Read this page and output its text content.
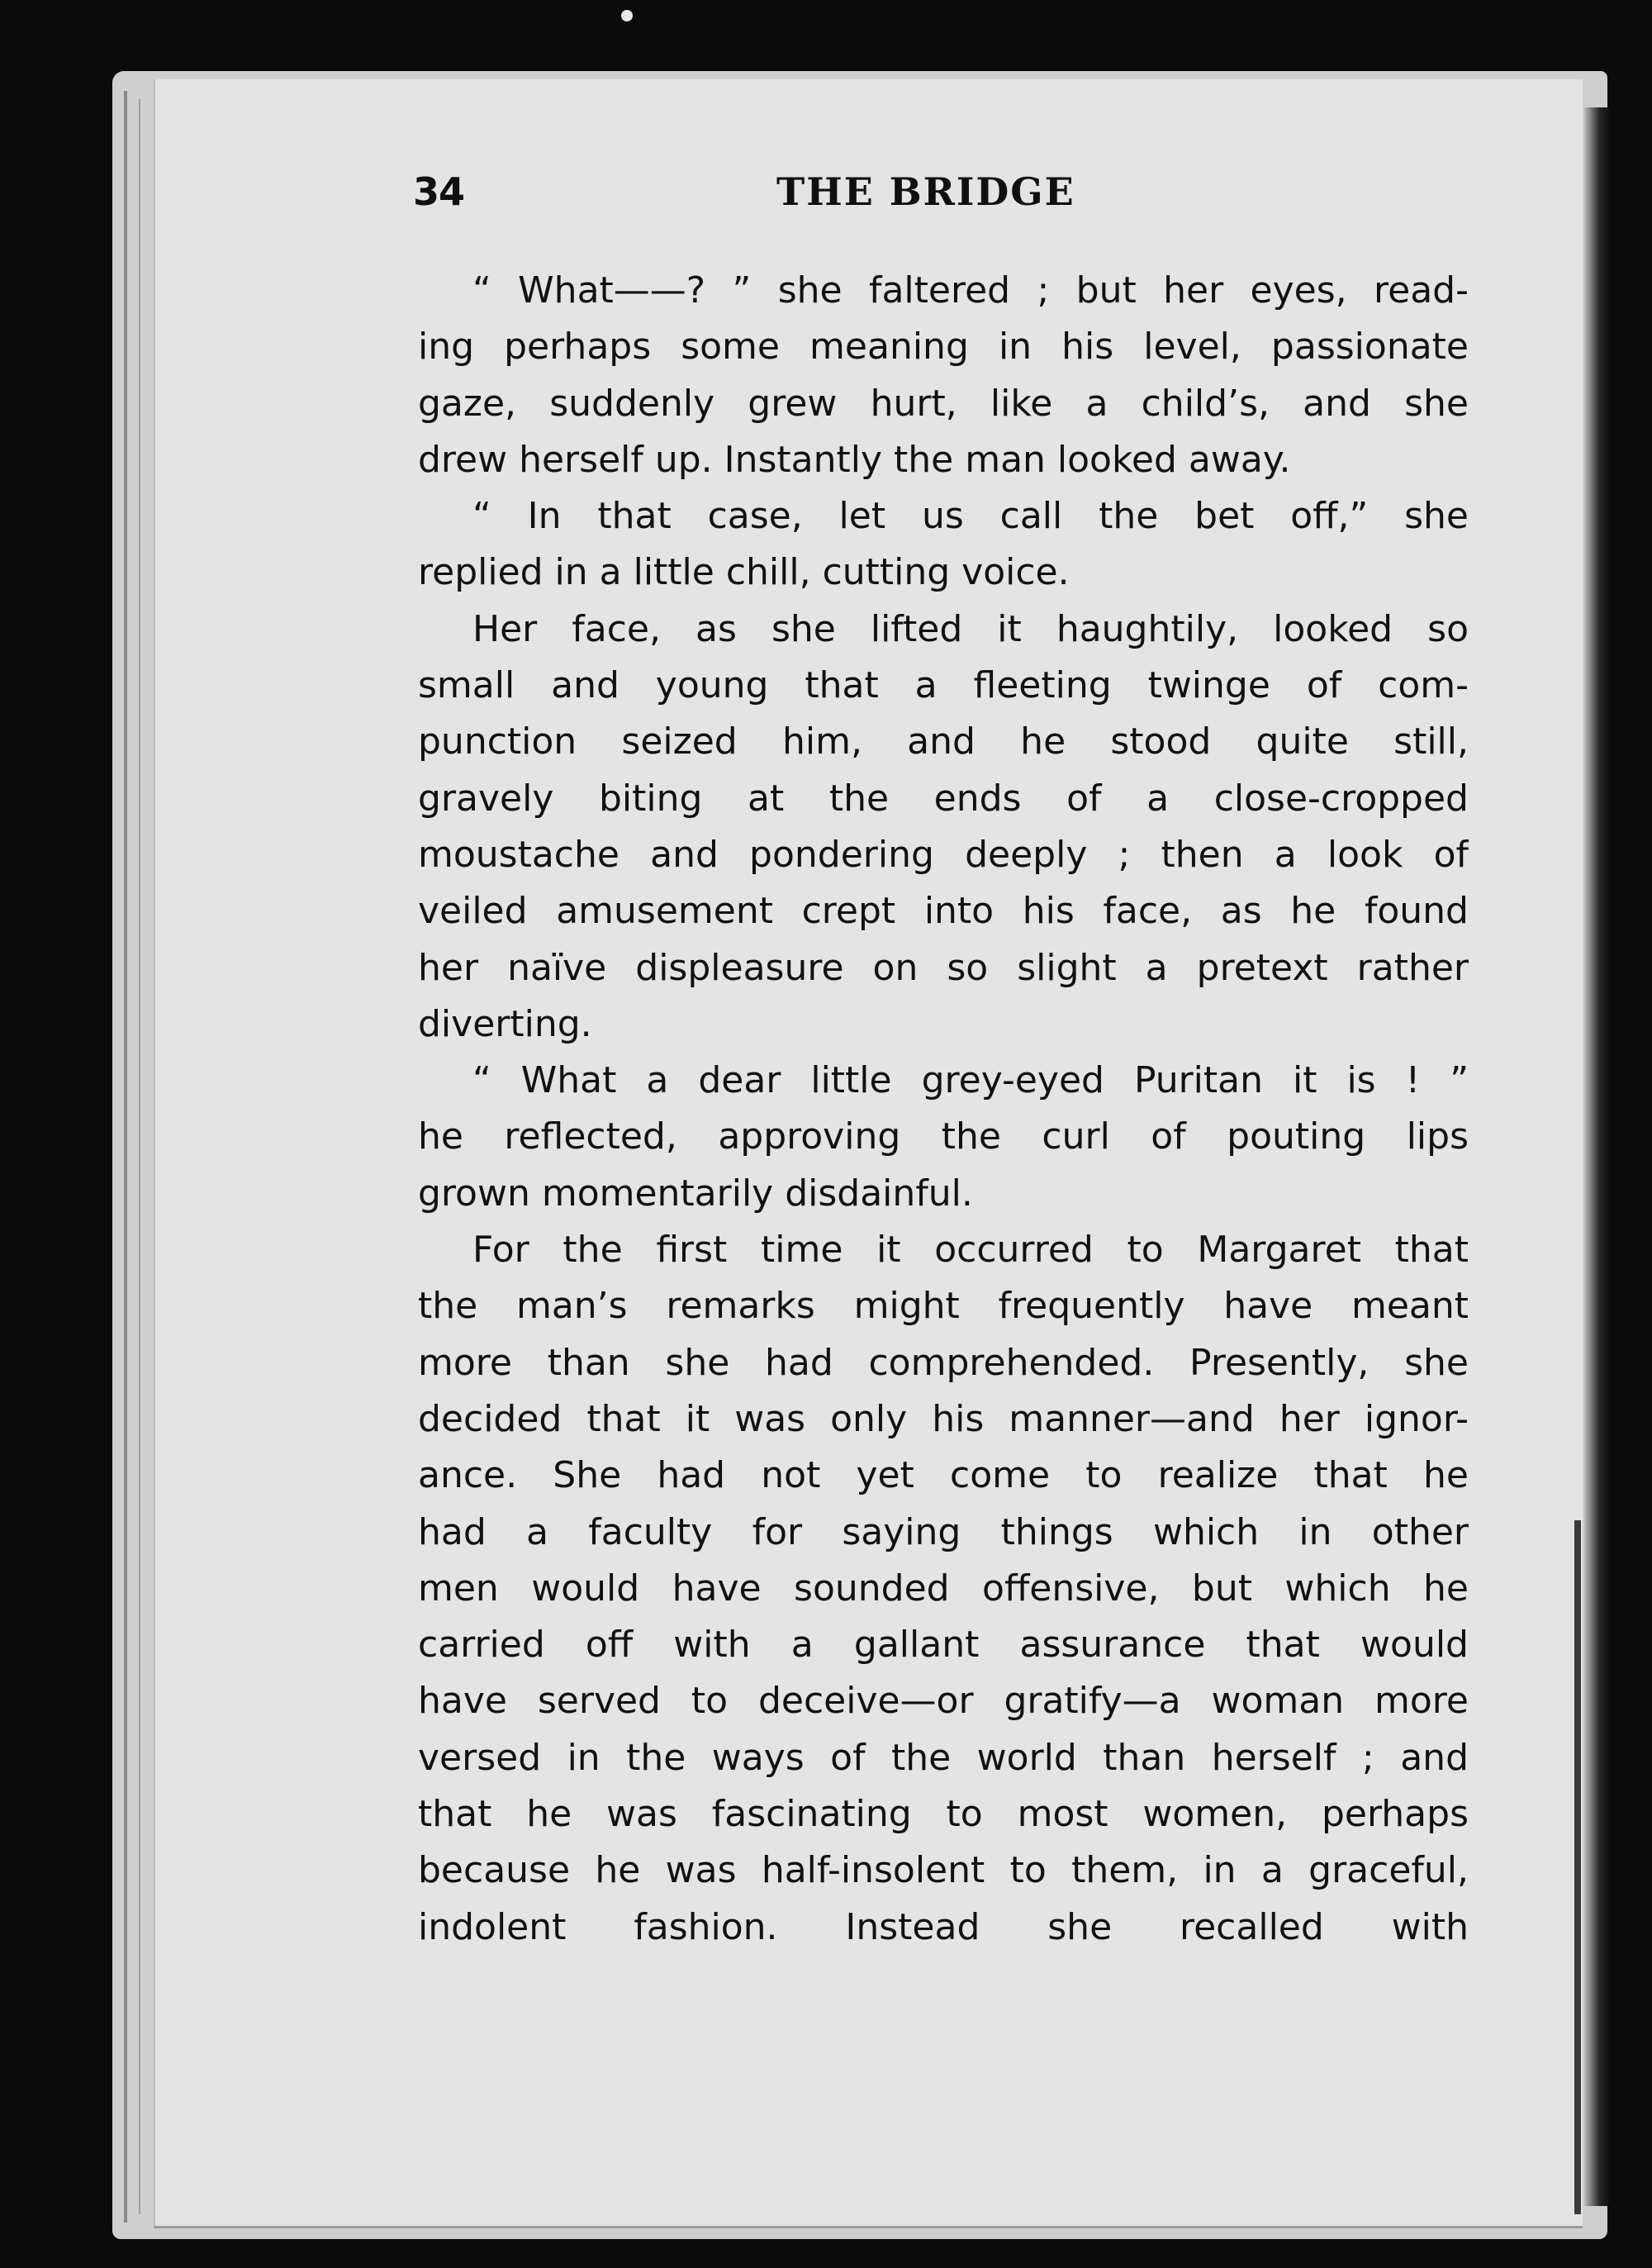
34	THE BRIDGE
“ What——? ” she faltered ; but her eyes, read-
ing perhaps some meaning in his level, passionate
gaze, suddenly grew hurt, like a child’s, and she
drew herself up. Instantly the man looked away.
“ In that case, let us call the bet off,” she
replied in a little chill, cutting voice.
Her face, as she lifted it haughtily, looked so
small and young that a fleeting twinge of com-
punction seized him, and he stood quite still,
gravely biting at the ends of a close-cropped
moustache and pondering deeply ; then a look of
veiled amusement crept into his face, as he found
her naïve displeasure on so slight a pretext rather
diverting.
“ What a dear little grey-eyed Puritan it is ! ”
he reflected, approving the curl of pouting lips
grown momentarily disdainful.
For the first time it occurred to Margaret that
the man’s remarks might frequently have meant
more than she had comprehended. Presently, she
decided that it was only his manner—and her ignor-
ance. She had not yet come to realize that he
had a faculty for saying things which in other
men would have sounded offensive, but which he
carried off with a gallant assurance that would
have served to deceive—or gratify—a woman more
versed in the ways of the world than herself ; and
that he was fascinating to most women, perhaps
because he was half-insolent to them, in a graceful,
indolent fashion. Instead she recalled with
